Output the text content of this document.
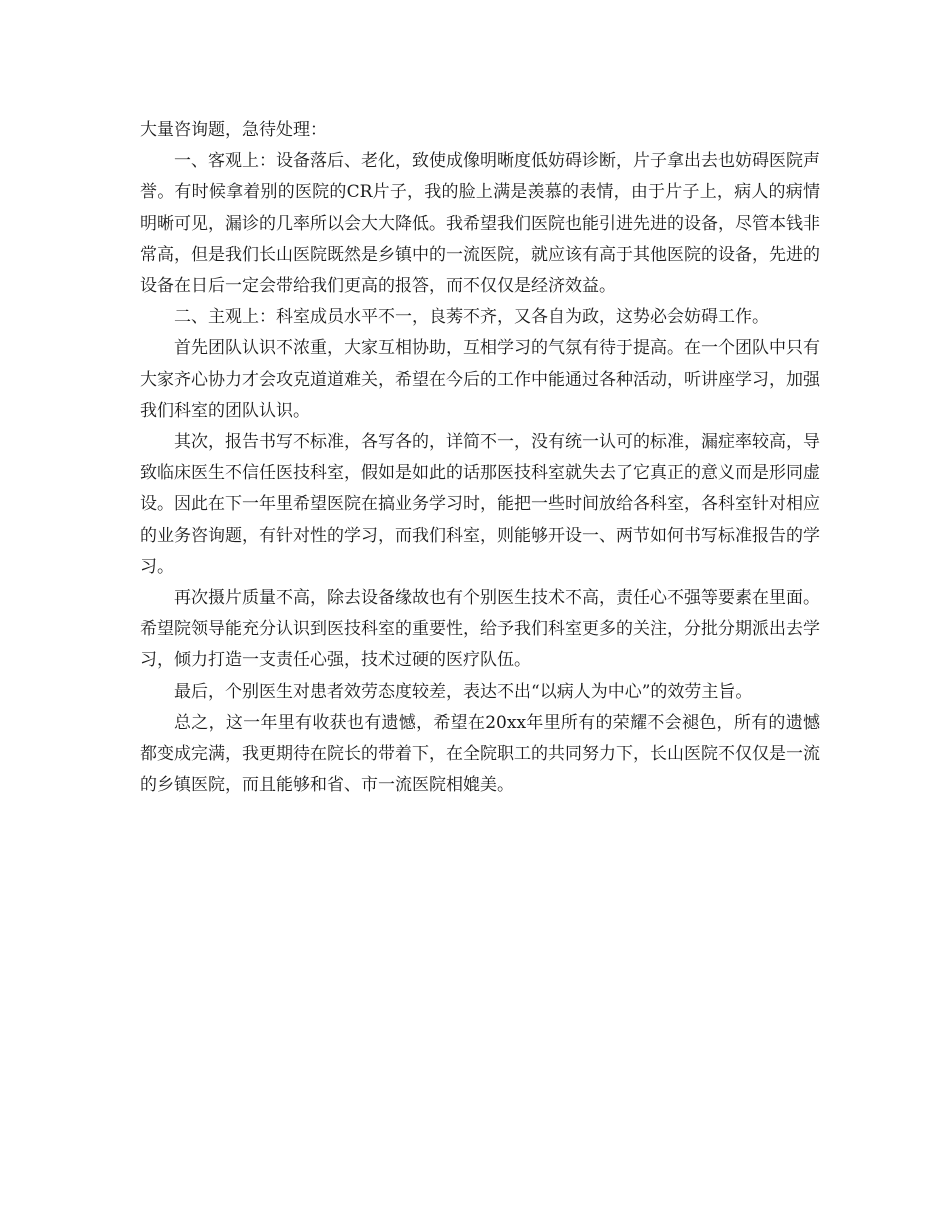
大量咨询题，急待处理：

一、客观上：设备落后、老化，致使成像明晰度低妨碍诊断，片子拿出去也妨碍医院声誉。有时候拿着别的医院的CR片子，我的脸上满是羡慕的表情，由于片子上，病人的病情明晰可见，漏诊的几率所以会大大降低。我希望我们医院也能引进先进的设备，尽管本钱非常高，但是我们长山医院既然是乡镇中的一流医院，就应该有高于其他医院的设备，先进的设备在日后一定会带给我们更高的报答，而不仅仅是经济效益。

二、主观上：科室成员水平不一，良莠不齐，又各自为政，这势必会妨碍工作。

首先团队认识不浓重，大家互相协助，互相学习的气氛有待于提高。在一个团队中只有大家齐心协力才会攻克道道难关，希望在今后的工作中能通过各种活动，听讲座学习，加强我们科室的团队认识。

其次，报告书写不标准，各写各的，详简不一，没有统一认可的标准，漏症率较高，导致临床医生不信任医技科室，假如是如此的话那医技科室就失去了它真正的意义而是形同虚设。因此在下一年里希望医院在搞业务学习时，能把一些时间放给各科室，各科室针对相应的业务咨询题，有针对性的学习，而我们科室，则能够开设一、两节如何书写标准报告的学习。

再次摄片质量不高，除去设备缘故也有个别医生技术不高，责任心不强等要素在里面。希望院领导能充分认识到医技科室的重要性，给予我们科室更多的关注，分批分期派出去学习，倾力打造一支责任心强，技术过硬的医疗队伍。

最后，个别医生对患者效劳态度较差，表达不出“以病人为中心”的效劳主旨。

总之，这一年里有收获也有遗憾，希望在20xx年里所有的荣耀不会褪色，所有的遗憾都变成完满，我更期待在院长的带着下，在全院职工的共同努力下，长山医院不仅仅是一流的乡镇医院，而且能够和省、市一流医院相媲美。
